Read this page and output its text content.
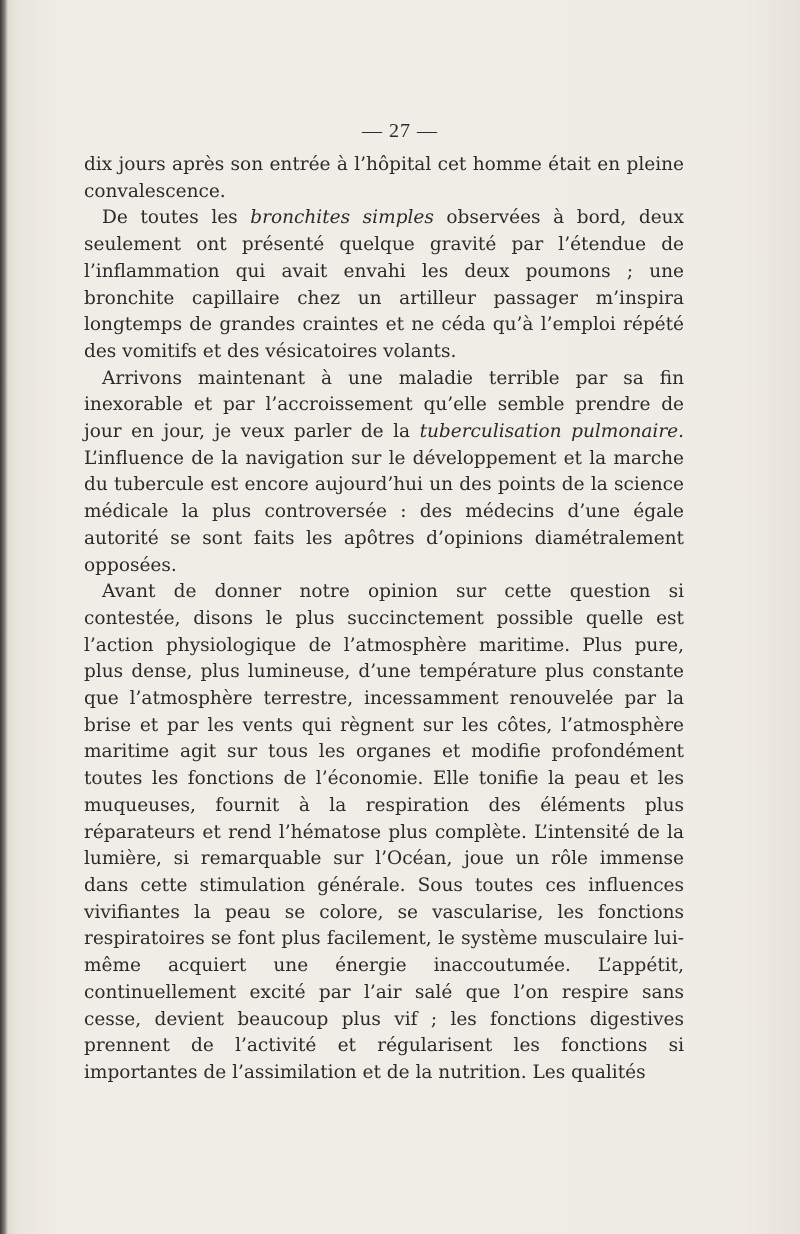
— 27 —

dix jours après son entrée à l’hôpital cet homme était en pleine convalescence.

De toutes les bronchites simples observées à bord, deux seulement ont présenté quelque gravité par l’étendue de l’inflammation qui avait envahi les deux poumons ; une bronchite capillaire chez un artilleur passager m’inspira longtemps de grandes craintes et ne céda qu’à l’emploi répété des vomitifs et des vésicatoires volants.

Arrivons maintenant à une maladie terrible par sa fin inexorable et par l’accroissement qu’elle semble prendre de jour en jour, je veux parler de la tuberculisation pulmonaire. L’influence de la navigation sur le développement et la marche du tubercule est encore aujourd’hui un des points de la science médicale la plus controversée : des médecins d’une égale autorité se sont faits les apôtres d’opinions diamétralement opposées.

Avant de donner notre opinion sur cette question si contestée, disons le plus succinctement possible quelle est l’action physiologique de l’atmosphère maritime. Plus pure, plus dense, plus lumineuse, d’une température plus constante que l’atmosphère terrestre, incessamment renouvelée par la brise et par les vents qui règnent sur les côtes, l’atmosphère maritime agit sur tous les organes et modifie profondément toutes les fonctions de l’économie. Elle tonifie la peau et les muqueuses, fournit à la respiration des éléments plus réparateurs et rend l’hématose plus complète. L’intensité de la lumière, si remarquable sur l’Océan, joue un rôle immense dans cette stimulation générale. Sous toutes ces influences vivifiantes la peau se colore, se vascularise, les fonctions respiratoires se font plus facilement, le système musculaire lui-même acquiert une énergie inaccoutumée. L’appétit, continuellement excité par l’air salé que l’on respire sans cesse, devient beaucoup plus vif ; les fonctions digestives prennent de l’activité et régularisent les fonctions si importantes de l’assimilation et de la nutrition. Les qualités
